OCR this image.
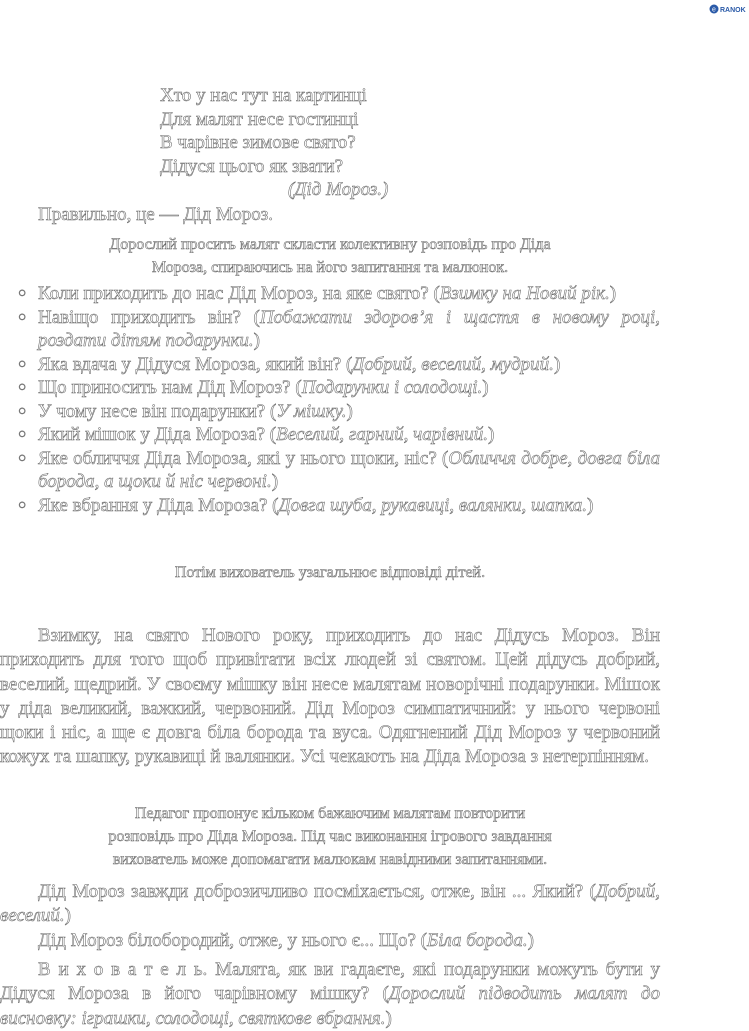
e RANOK
Хто у нас тут на картинці
Для малят несе гостинці
В чарівне зимове свято?
Дідуся цього як звати?
(Дід Мороз.)
Правильно, це — Дід Мороз.
Дорослий просить малят скласти колективну розповідь про Діда
Мороза, спираючись на його запитання та малюнок.
○ Коли приходить до нас Дід Мороз, на яке свято? (Взимку на Новий рік.)
○ Навіщо приходить він? (Побажати здоров’я і щастя в новому році, роздати дітям подарунки.)
○ Яка вдача у Дідуся Мороза, який він? (Добрий, веселий, мудрий.)
○ Що приносить нам Дід Мороз? (Подарунки і солодощі.)
○ У чому несе він подарунки? (У мішку.)
○ Який мішок у Діда Мороза? (Веселий, гарний, чарівний.)
○ Яке обличчя Діда Мороза, які у нього щоки, ніс? (Обличчя добре, довга біла борода, а щоки й ніс червоні.)
○ Яке вбрання у Діда Мороза? (Довга шуба, рукавиці, валянки, шапка.)
Потім вихователь узагальнює відповіді дітей.
Взимку, на свято Нового року, приходить до нас Дідусь Мороз. Він приходить для того щоб привітати всіх людей зі святом. Цей дідусь добрий, веселий, щедрий. У своєму мішку він несе малятам новорічні подарунки. Мішок у діда великий, важкий, червоний. Дід Мороз симпатичний: у нього червоні щоки і ніс, а ще є довга біла борода та вуса. Одягнений Дід Мороз у червоний кожух та шапку, рукавиці й валянки. Усі чекають на Діда Мороза з нетерпінням.
Педагог пропонує кільком бажаючим малятам повторити
розповідь про Діда Мороза. Під час виконання ігрового завдання
вихователь може допомагати малюкам навідними запитаннями.
Дід Мороз завжди доброзичливо посміхається, отже, він ... Який? (Добрий, веселий.)
Дід Мороз білобородий, отже, у нього є... Що? (Біла борода.)
В и х о в а т е л ь. Малята, як ви гадаєте, які подарунки можуть бути у Дідуся Мороза в його чарівному мішку? (Дорослий підводить малят до висновку: іграшки, солодощі, святкове вбрання.)
